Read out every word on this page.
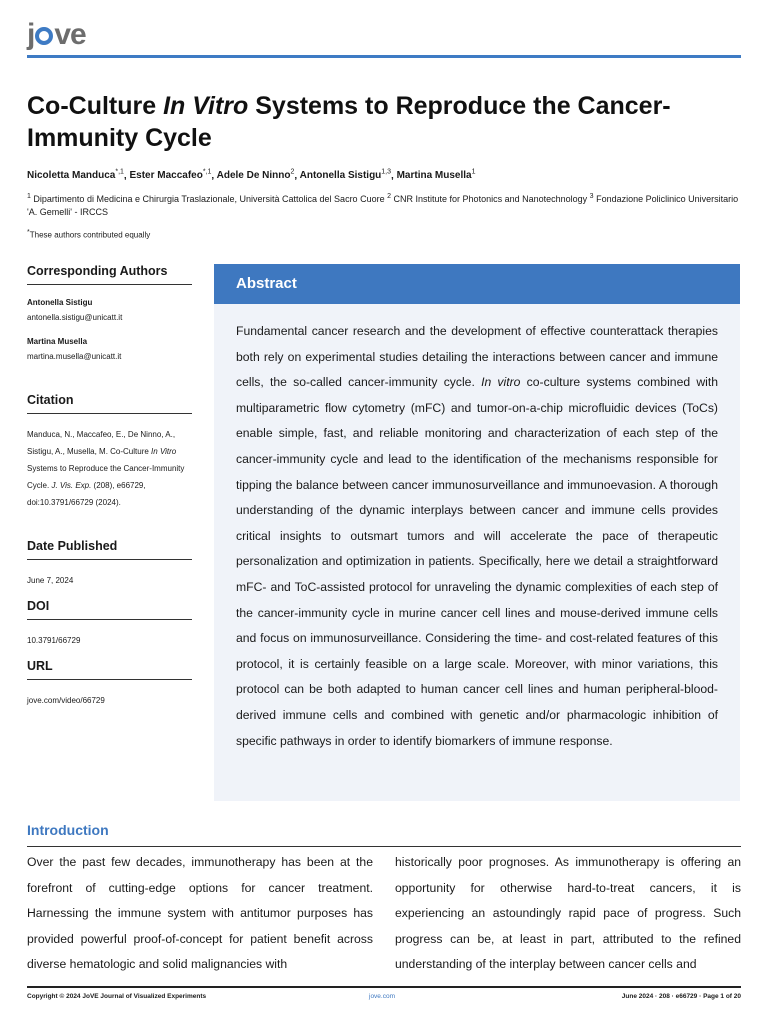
j ve
Co-Culture In Vitro Systems to Reproduce the Cancer-Immunity Cycle
Nicoletta Manduca$^{*,1}$, Ester Maccafeo$^{*,1}$, Adele De Ninno$^2$, Antonella Sistigu$^{1,3}$, Martina Musella$^1$
$^1$ Dipartimento di Medicina e Chirurgia Traslazionale, Università Cattolica del Sacro Cuore $^2$ CNR Institute for Photonics and Nanotechnology $^3$ Fondazione Policlinico Universitario 'A. Gemelli' - IRCCS
*These authors contributed equally
Corresponding Authors
Antonella Sistigu
antonella.sistigu@unicatt.it
Martina Musella
martina.musella@unicatt.it
Citation
Manduca, N., Maccafeo, E., De Ninno, A., Sistigu, A., Musella, M. Co-Culture In Vitro Systems to Reproduce the Cancer-Immunity Cycle. J. Vis. Exp. (208), e66729, doi:10.3791/66729 (2024).
Date Published
June 7, 2024
DOI
10.3791/66729
URL
jove.com/video/66729
Abstract

Fundamental cancer research and the development of effective counterattack therapies both rely on experimental studies detailing the interactions between cancer and immune cells, the so-called cancer-immunity cycle. In vitro co-culture systems combined with multiparametric flow cytometry (mFC) and tumor-on-a-chip microfluidic devices (ToCs) enable simple, fast, and reliable monitoring and characterization of each step of the cancer-immunity cycle and lead to the identification of the mechanisms responsible for tipping the balance between cancer immunosurveillance and immunoevasion. A thorough understanding of the dynamic interplays between cancer and immune cells provides critical insights to outsmart tumors and will accelerate the pace of therapeutic personalization and optimization in patients. Specifically, here we detail a straightforward mFC- and ToC-assisted protocol for unraveling the dynamic complexities of each step of the cancer-immunity cycle in murine cancer cell lines and mouse-derived immune cells and focus on immunosurveillance. Considering the time- and cost-related features of this protocol, it is certainly feasible on a large scale. Moreover, with minor variations, this protocol can be both adapted to human cancer cell lines and human peripheral-blood-derived immune cells and combined with genetic and/or pharmacologic inhibition of specific pathways in order to identify biomarkers of immune response.

Introduction

Over the past few decades, immunotherapy has been at the forefront of cutting-edge options for cancer treatment. Harnessing the immune system with antitumor purposes has provided powerful proof-of-concept for patient benefit across diverse hematologic and solid malignancies with

historically poor prognoses. As immunotherapy is offering an opportunity for otherwise hard-to-treat cancers, it is experiencing an astoundingly rapid pace of progress. Such progress can be, at least in part, attributed to the refined understanding of the interplay between cancer cells and

Copyright © 2024 JoVE Journal of Visualized Experiments	jove.com	June 2024 · 208 · e66729 · Page 1 of 20
